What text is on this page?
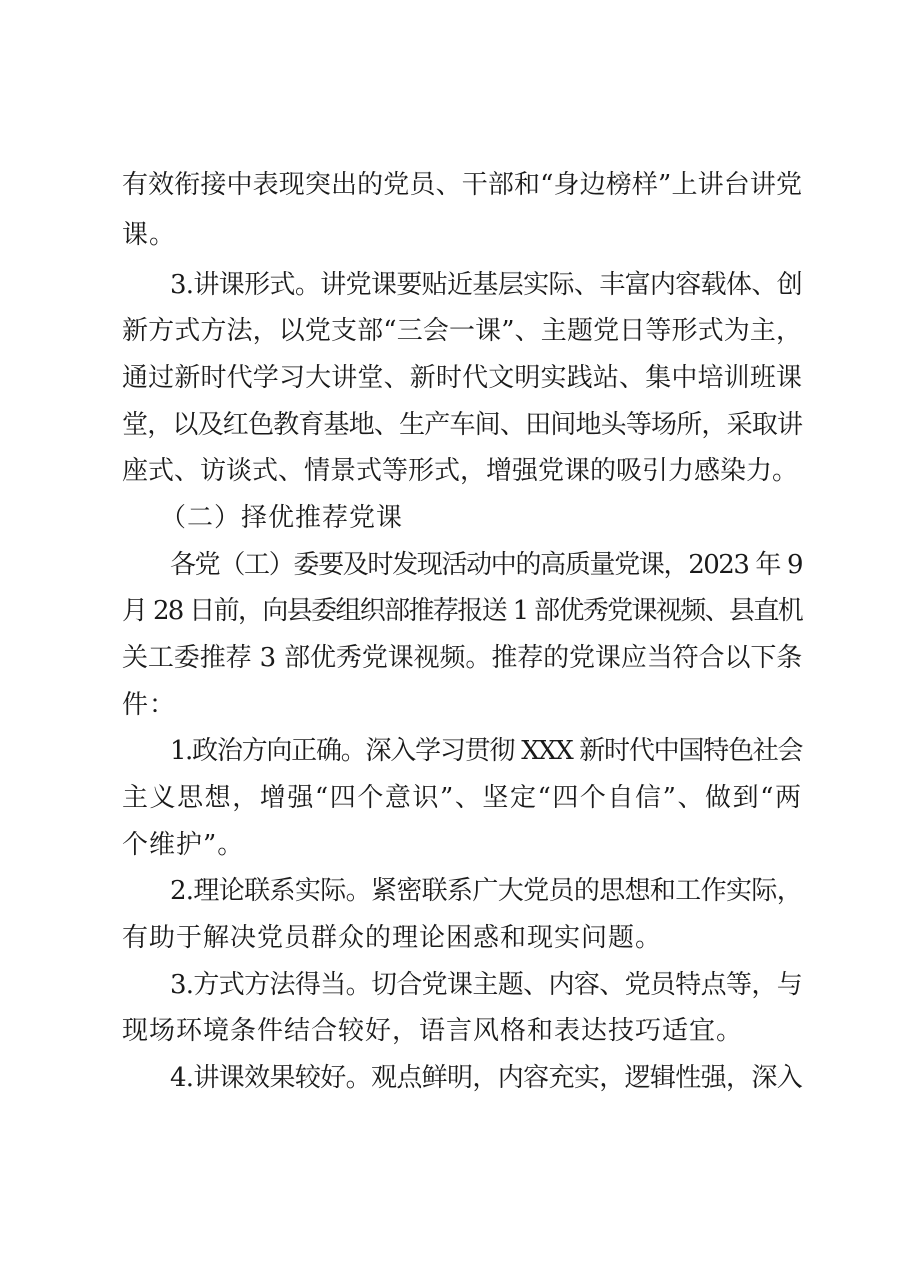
有效衔接中表现突出的党员、干部和“身边榜样”上讲台讲党
课。
3.讲课形式。讲党课要贴近基层实际、丰富内容载体、创
新方式方法，以党支部“三会一课”、主题党日等形式为主，
通过新时代学习大讲堂、新时代文明实践站、集中培训班课
堂，以及红色教育基地、生产车间、田间地头等场所，采取讲
座式、访谈式、情景式等形式，增强党课的吸引力感染力。
（二）择优推荐党课
各党（工）委要及时发现活动中的高质量党课，2023 年 9
月 28 日前，向县委组织部推荐报送 1 部优秀党课视频、县直机
关工委推荐 3 部优秀党课视频。推荐的党课应当符合以下条
件：
1.政治方向正确。深入学习贯彻 XXX 新时代中国特色社会
主义思想，增强“四个意识”、坚定“四个自信”、做到“两
个维护”。
2.理论联系实际。紧密联系广大党员的思想和工作实际，
有助于解决党员群众的理论困惑和现实问题。
3.方式方法得当。切合党课主题、内容、党员特点等，与
现场环境条件结合较好，语言风格和表达技巧适宜。
4.讲课效果较好。观点鲜明，内容充实，逻辑性强，深入
